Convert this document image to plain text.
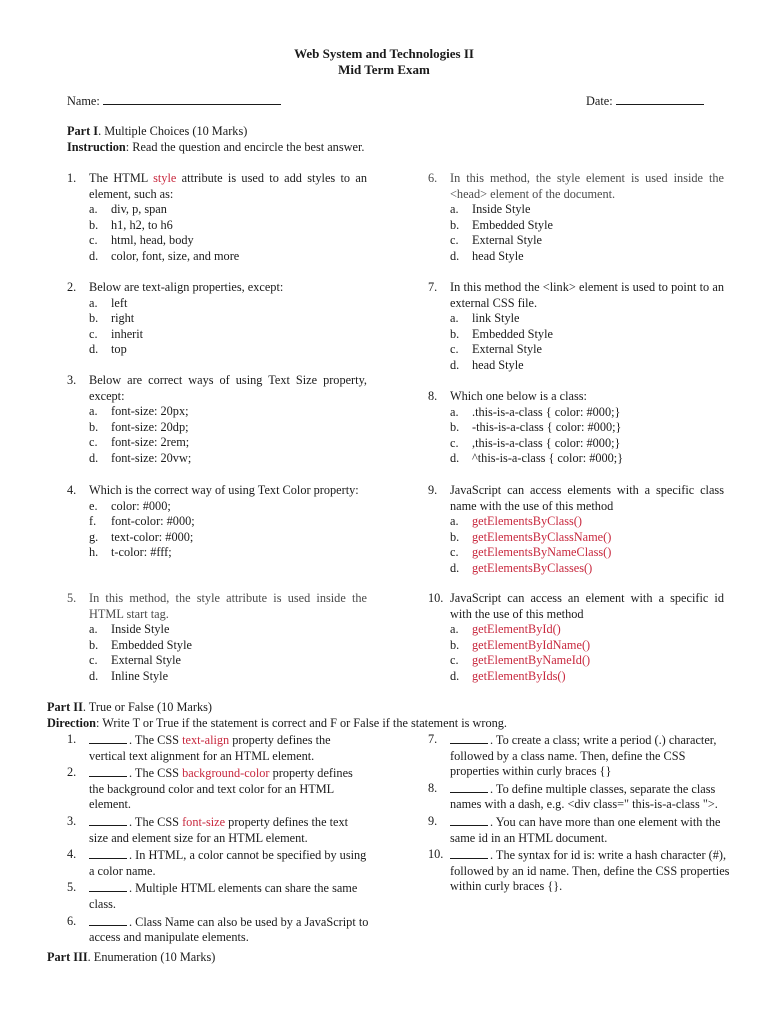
Web System and Technologies II
Mid Term Exam
Name:	Date:
Part I. Multiple Choices (10 Marks)
Instruction: Read the question and encircle the best answer.
1. The HTML style attribute is used to add styles to an element, such as:
a. div, p, span
b. h1, h2, to h6
c. html, head, body
d. color, font, size, and more
2. Below are text-align properties, except:
a. left
b. right
c. inherit
d. top
3. Below are correct ways of using Text Size property, except:
a. font-size: 20px;
b. font-size: 20dp;
c. font-size: 2rem;
d. font-size: 20vw;
4. Which is the correct way of using Text Color property:
e. color: #000;
f. font-color: #000;
g. text-color: #000;
h. t-color: #fff;
5. In this method, the style attribute is used inside the HTML start tag.
a. Inside Style
b. Embedded Style
c. External Style
d. Inline Style
6. In this method, the style element is used inside the <head> element of the document.
a. Inside Style
b. Embedded Style
c. External Style
d. head Style
7. In this method the <link> element is used to point to an external CSS file.
a. link Style
b. Embedded Style
c. External Style
d. head Style
8. Which one below is a class:
a. .this-is-a-class { color: #000;}
b. -this-is-a-class { color: #000;}
c. ,this-is-a-class { color: #000;}
d. ^this-is-a-class { color: #000;}
9. JavaScript can access elements with a specific class name with the use of this method
a. getElementsByClass()
b. getElementsByClassName()
c. getElementsByNameClass()
d. getElementsByClasses()
10. JavaScript can access an element with a specific id with the use of this method
a. getElementById()
b. getElementByIdName()
c. getElementByNameId()
d. getElementByIds()
Part II. True or False (10 Marks)
Direction: Write T or True if the statement is correct and F or False if the statement is wrong.
1.	. The CSS text-align property defines the vertical text alignment for an HTML element.
2.	. The CSS background-color property defines the background color and text color for an HTML element.
3.	. The CSS font-size property defines the text size and element size for an HTML element.
4.	. In HTML, a color cannot be specified by using a color name.
5.	. Multiple HTML elements can share the same class.
6.	. Class Name can also be used by a JavaScript to access and manipulate elements.
7.	. To create a class; write a period (.) character, followed by a class name. Then, define the CSS properties within curly braces {}
8.	. To define multiple classes, separate the class names with a dash, e.g. <div class=" this-is-a-class ">.
9.	. You can have more than one element with the same id in an HTML document.
10.	. The syntax for id is: write a hash character (#), followed by an id name. Then, define the CSS properties within curly braces {}.
Part III. Enumeration (10 Marks)
